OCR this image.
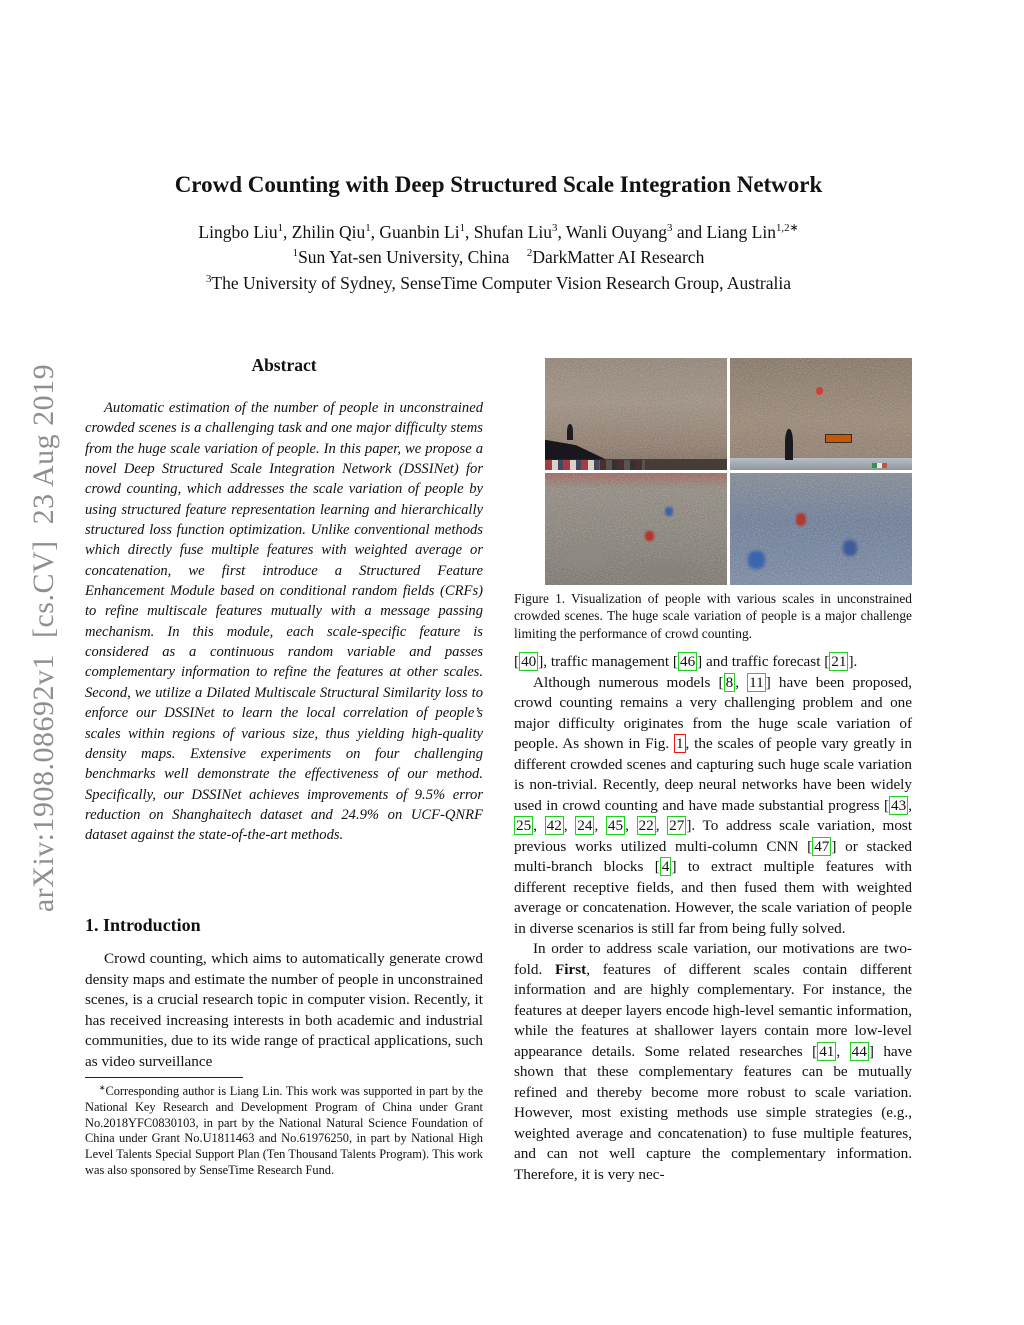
arXiv:1908.08692v1  [cs.CV]  23 Aug 2019
Crowd Counting with Deep Structured Scale Integration Network
Lingbo Liu$^1$, Zhilin Qiu$^1$, Guanbin Li$^1$, Shufan Liu$^3$, Wanli Ouyang$^3$ and Liang Lin$^{1,2∗}$
$^1$Sun Yat-sen University, China    $^2$DarkMatter AI Research
$^3$The University of Sydney, SenseTime Computer Vision Research Group, Australia
Abstract

Automatic estimation of the number of people in unconstrained crowded scenes is a challenging task and one major difficulty stems from the huge scale variation of people. In this paper, we propose a novel Deep Structured Scale Integration Network (DSSINet) for crowd counting, which addresses the scale variation of people by using structured feature representation learning and hierarchically structured loss function optimization. Unlike conventional methods which directly fuse multiple features with weighted average or concatenation, we first introduce a Structured Feature Enhancement Module based on conditional random fields (CRFs) to refine multiscale features mutually with a message passing mechanism. In this module, each scale-specific feature is considered as a continuous random variable and passes complementary information to refine the features at other scales. Second, we utilize a Dilated Multiscale Structural Similarity loss to enforce our DSSINet to learn the local correlation of people’s scales within regions of various size, thus yielding high-quality density maps. Extensive experiments on four challenging benchmarks well demonstrate the effectiveness of our method. Specifically, our DSSINet achieves improvements of 9.5% error reduction on Shanghaitech dataset and 24.9% on UCF-QNRF dataset against the state-of-the-art methods.

1. Introduction

Crowd counting, which aims to automatically generate crowd density maps and estimate the number of people in unconstrained scenes, is a crucial research topic in computer vision. Recently, it has received increasing interests in both academic and industrial communities, due to its wide range of practical applications, such as video surveillance

∗Corresponding author is Liang Lin. This work was supported in part by the National Key Research and Development Program of China under Grant No.2018YFC0830103, in part by the National Natural Science Foundation of China under Grant No.U1811463 and No.61976250, in part by National High Level Talents Special Support Plan (Ten Thousand Talents Program). This work was also sponsored by SenseTime Research Fund.

Figure 1. Visualization of people with various scales in unconstrained crowded scenes. The huge scale variation of people is a major challenge limiting the performance of crowd counting.

[ 40 ], traffic management [ 46 ] and traffic forecast [ 21 ].

Although numerous models [ 8 , 11 ] have been proposed, crowd counting remains a very challenging problem and one major difficulty originates from the huge scale variation of people. As shown in Fig. 1 , the scales of people vary greatly in different crowded scenes and capturing such huge scale variation is non-trivial. Recently, deep neural networks have been widely used in crowd counting and have made substantial progress [ 43 , 25 , 42 , 24 , 45 , 22 , 27 ]. To address scale variation, most previous works utilized multi-column CNN [ 47 ] or stacked multi-branch blocks [ 4 ] to extract multiple features with different receptive fields, and then fused them with weighted average or concatenation. However, the scale variation of people in diverse scenarios is still far from being fully solved.

In order to address scale variation, our motivations are two-fold. First, features of different scales contain different information and are highly complementary. For instance, the features at deeper layers encode high-level semantic information, while the features at shallower layers contain more low-level appearance details. Some related researches [ 41 , 44 ] have shown that these complementary features can be mutually refined and thereby become more robust to scale variation. However, most existing methods use simple strategies (e.g., weighted average and concatenation) to fuse multiple features, and can not well capture the complementary information. Therefore, it is very nec-
